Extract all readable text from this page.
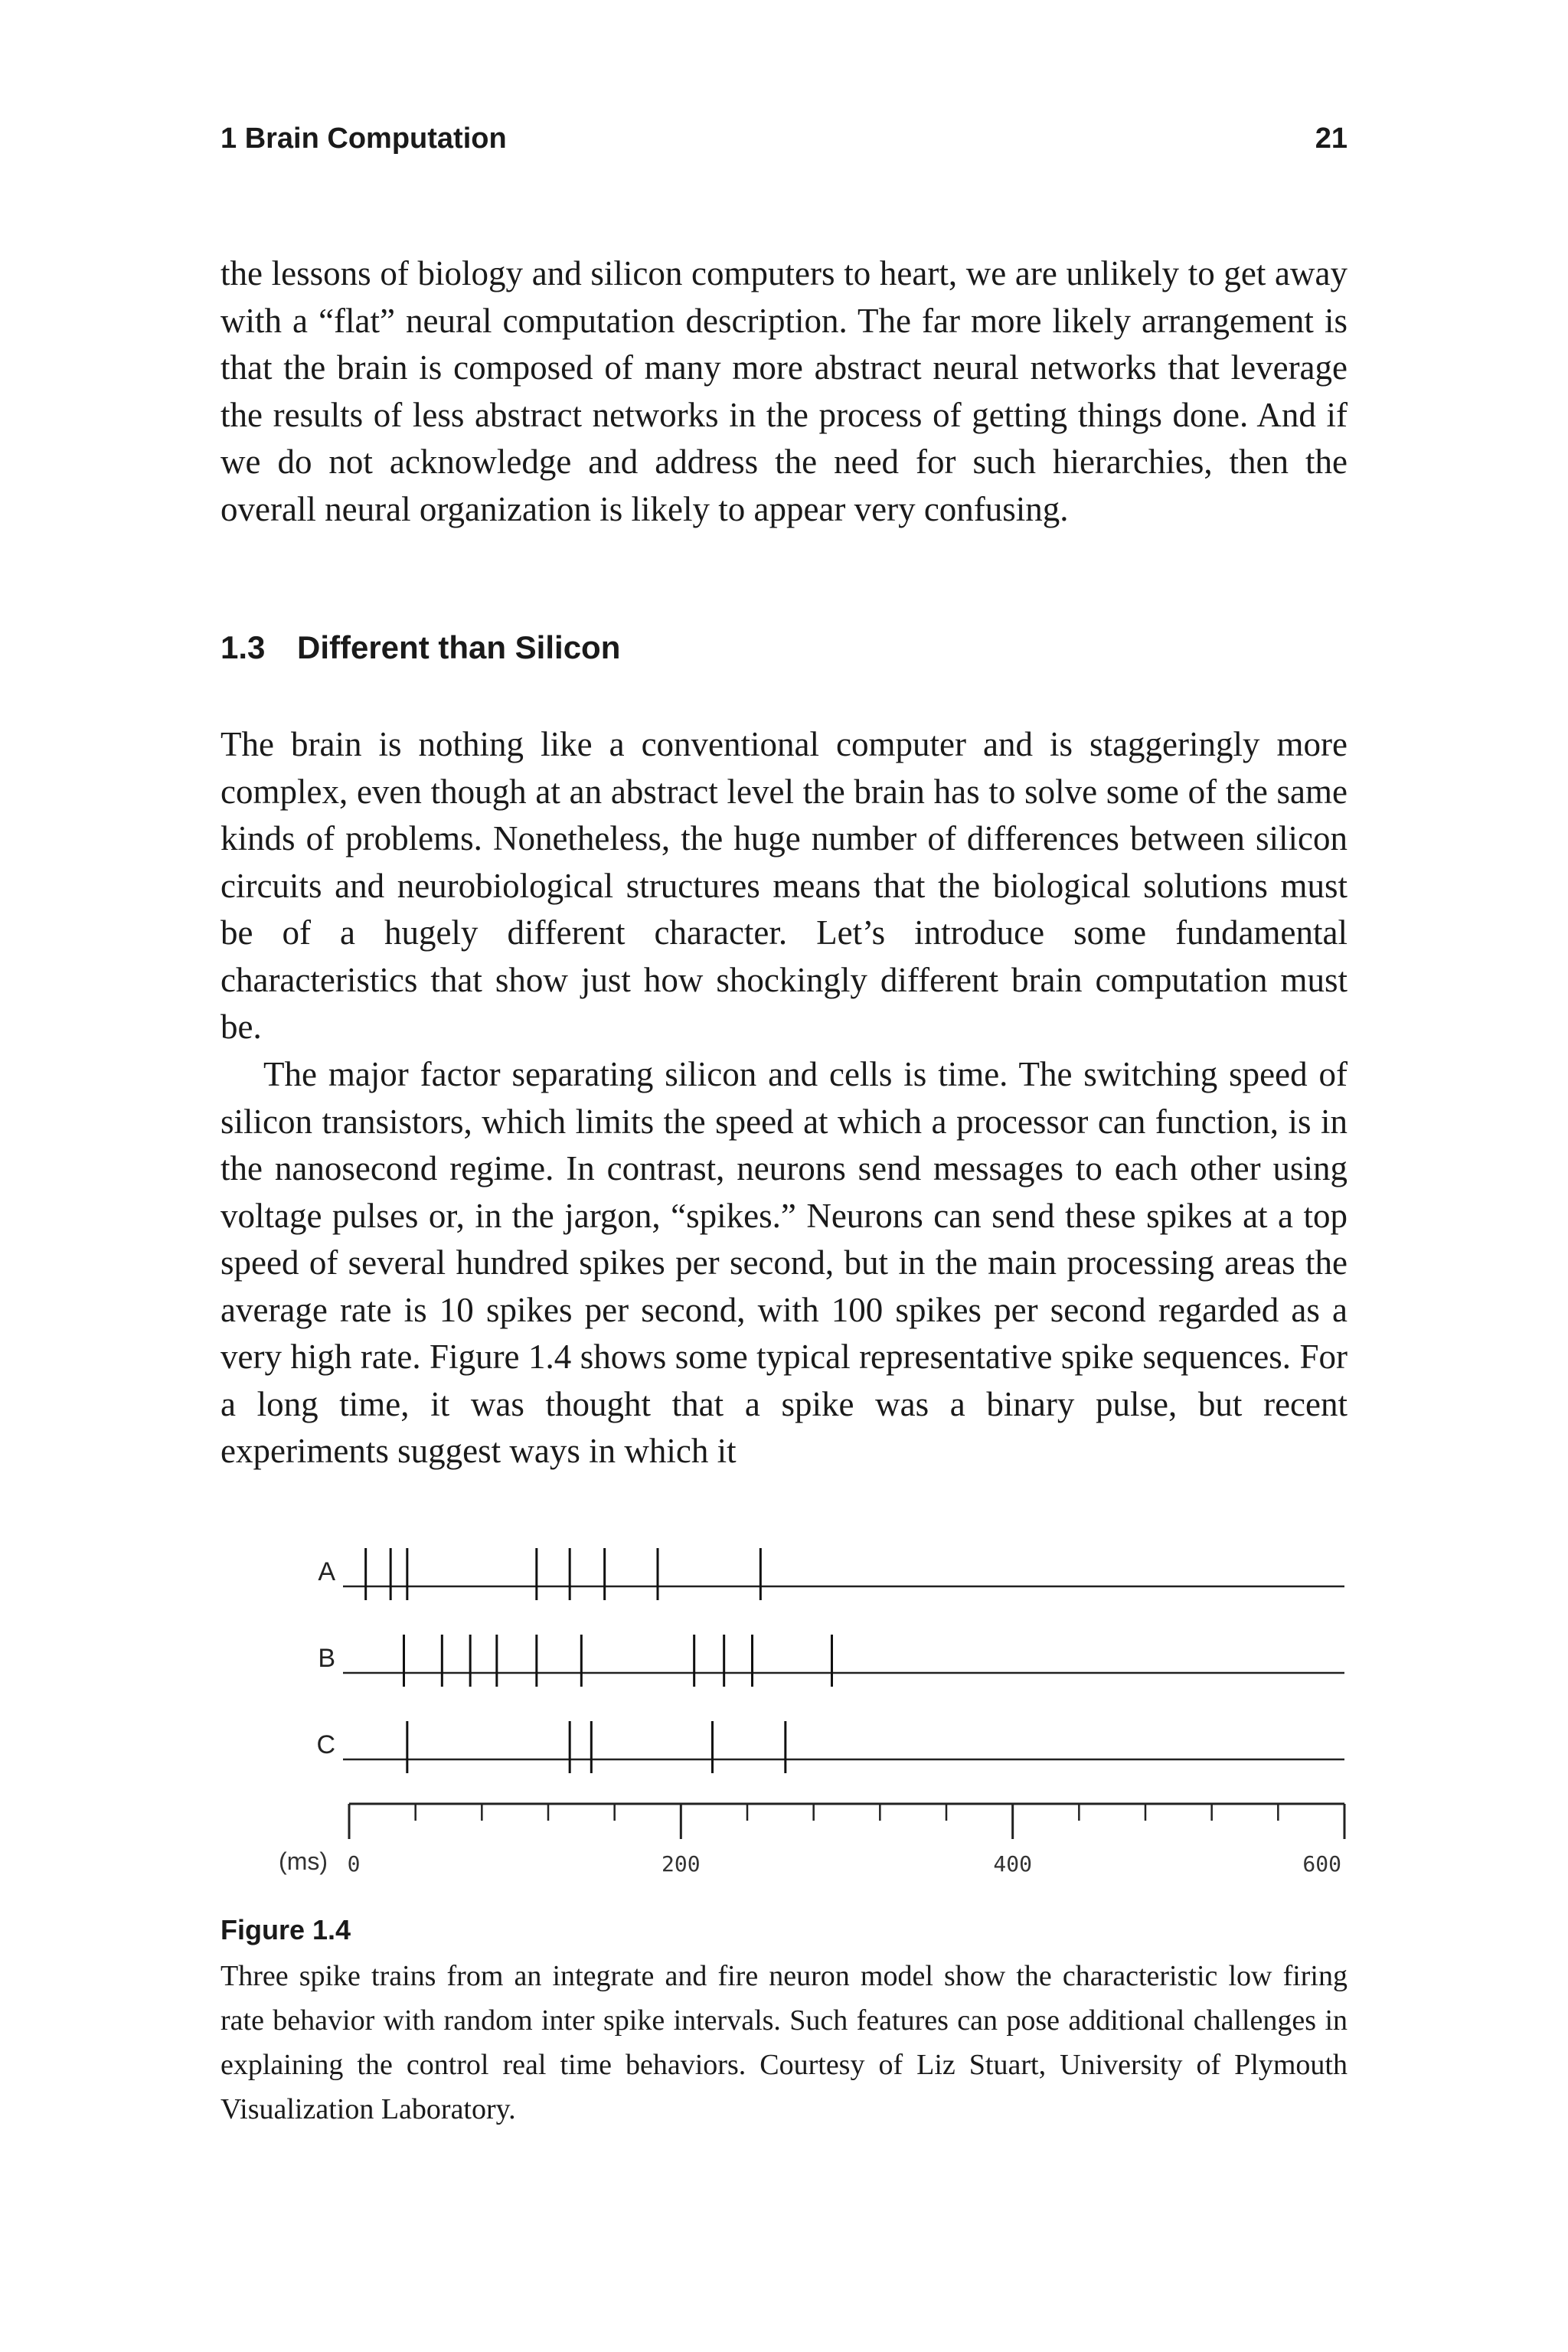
1 Brain Computation	21

the lessons of biology and silicon computers to heart, we are unlikely to get away with a “flat” neural computation description. The far more likely arrangement is that the brain is composed of many more abstract neural networks that leverage the results of less abstract networks in the process of getting things done. And if we do not acknowledge and address the need for such hierarchies, then the overall neural organization is likely to appear very confusing.

1.3 Different than Silicon

The brain is nothing like a conventional computer and is staggeringly more complex, even though at an abstract level the brain has to solve some of the same kinds of problems. Nonetheless, the huge number of differences between silicon circuits and neurobiological structures means that the biological solutions must be of a hugely different character. Let’s introduce some fundamental characteristics that show just how shockingly different brain computation must be.

The major factor separating silicon and cells is time. The switching speed of silicon transistors, which limits the speed at which a processor can function, is in the nanosecond regime. In contrast, neurons send messages to each other using voltage pulses or, in the jargon, “spikes.” Neurons can send these spikes at a top speed of several hundred spikes per second, but in the main processing areas the average rate is 10 spikes per second, with 100 spikes per second regarded as a very high rate. Figure 1.4 shows some typical representative spike sequences. For a long time, it was thought that a spike was a binary pulse, but recent experiments suggest ways in which it

A
B
C
0	200	400	600
(ms)
Figure 1.4

Three spike trains from an integrate and fire neuron model show the characteristic low firing rate behavior with random inter spike intervals. Such features can pose additional challenges in explaining the control real time behaviors. Courtesy of Liz Stuart, University of Plymouth Visualization Laboratory.
